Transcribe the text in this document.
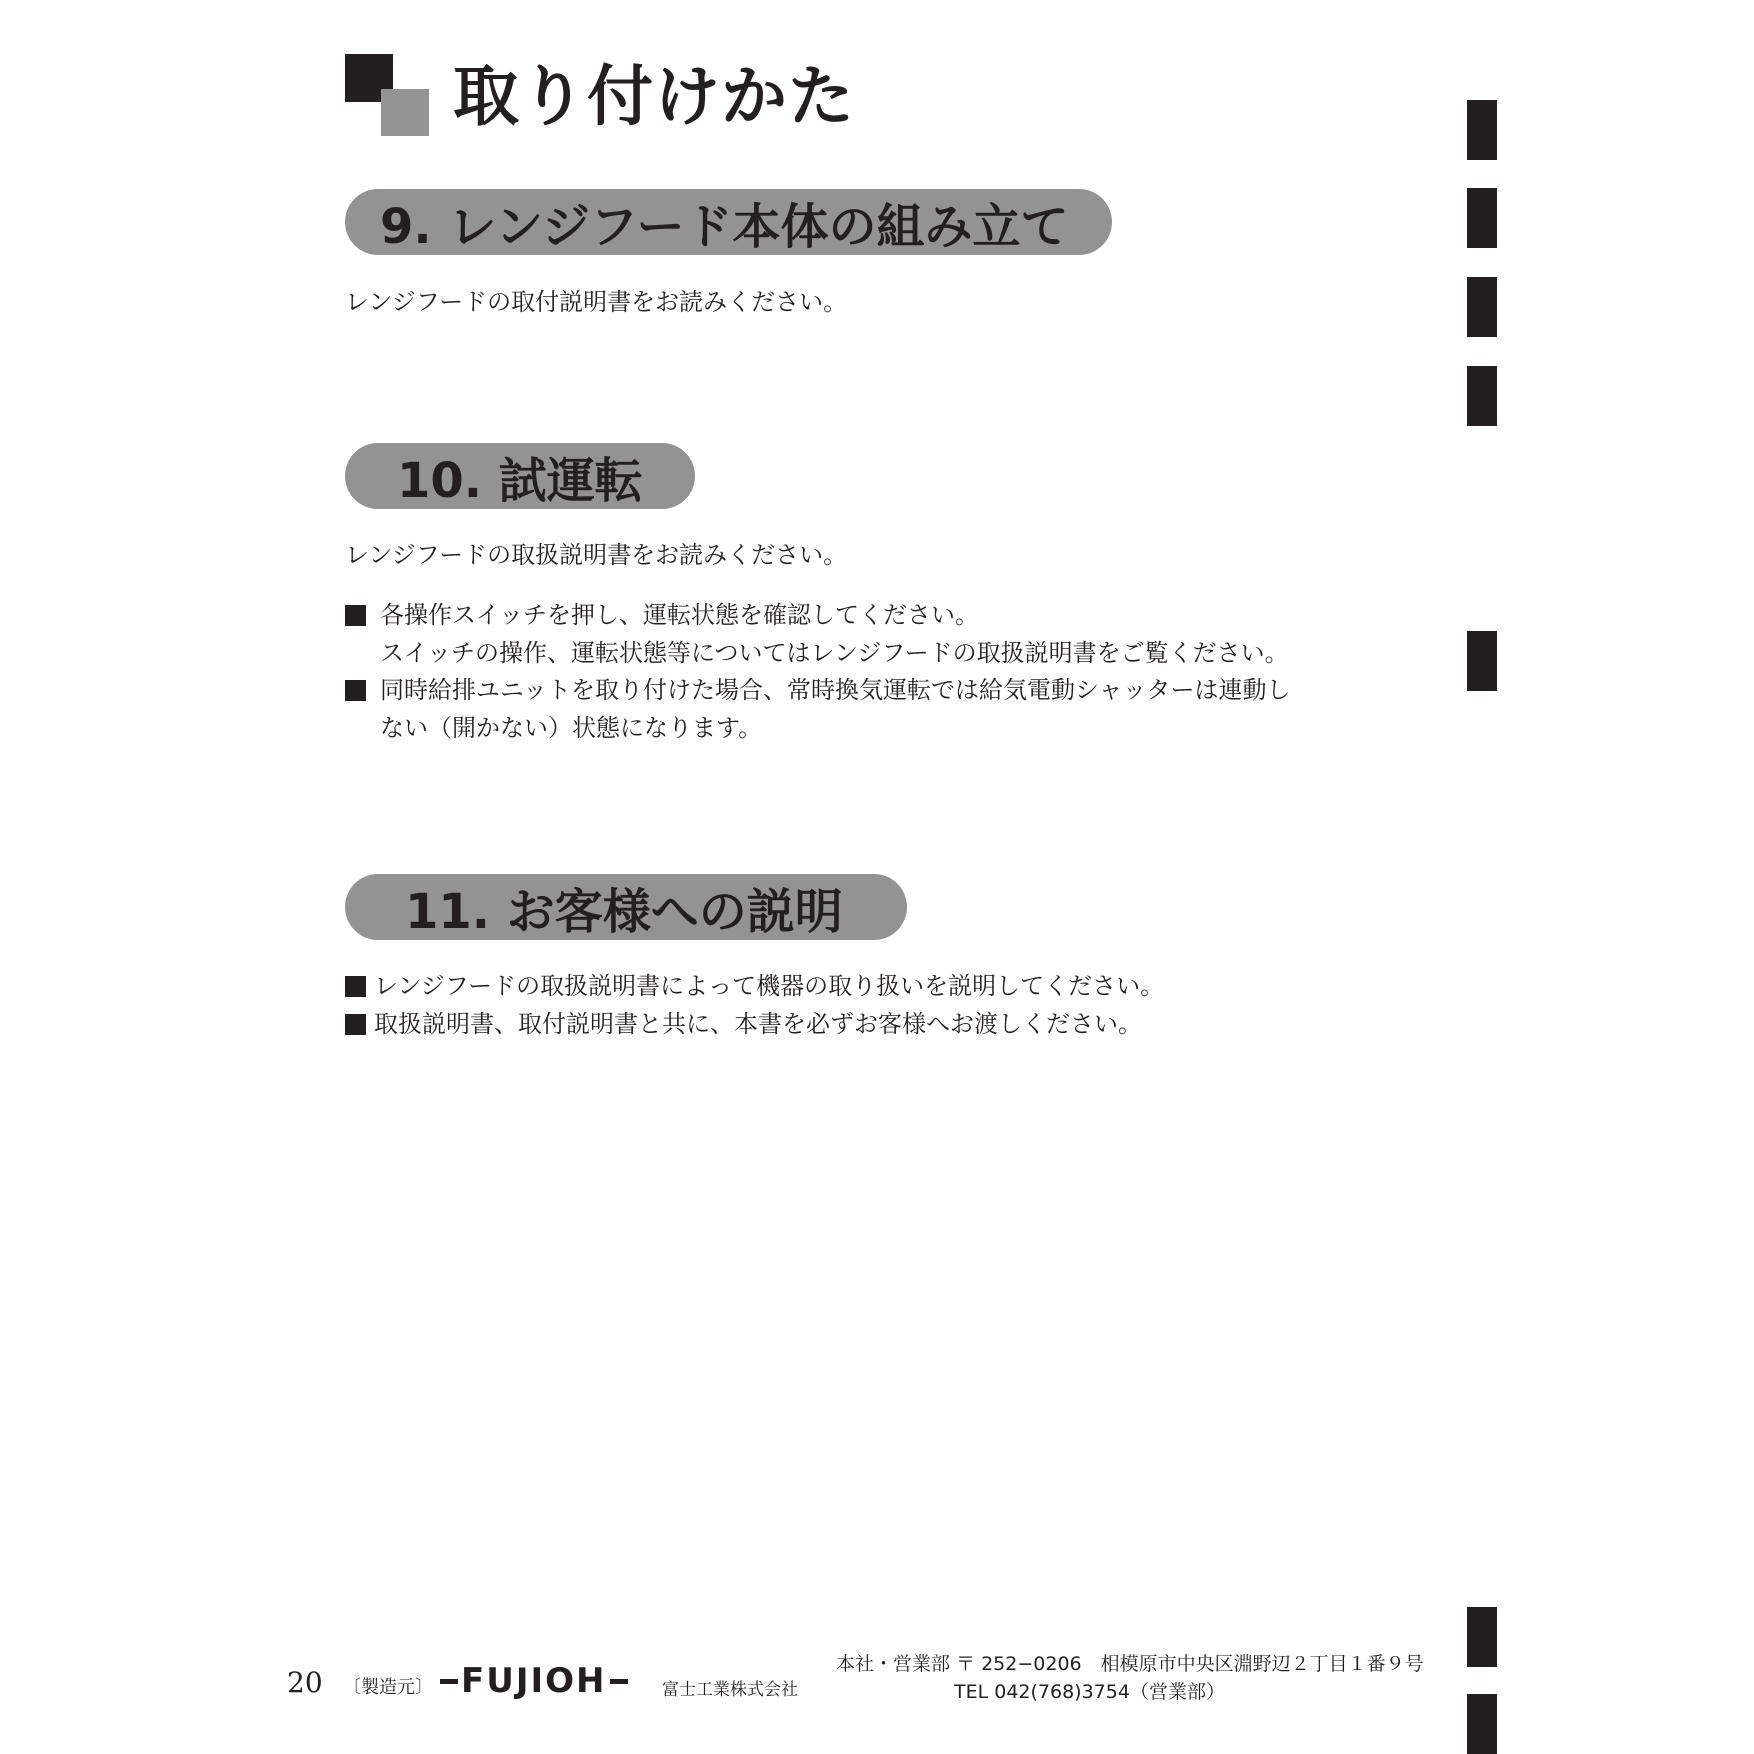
取り付けかた
9. レンジフード本体の組み立て
レンジフードの取付説明書をお読みください。
10. 試運転
レンジフードの取扱説明書をお読みください。
各操作スイッチを押し、運転状態を確認してください。
スイッチの操作、運転状態等についてはレンジフードの取扱説明書をご覧ください。
同時給排ユニットを取り付けた場合、常時換気運転では給気電動シャッターは連動し
ない（開かない）状態になります。
11. お客様への説明
レンジフードの取扱説明書によって機器の取り扱いを説明してください。
取扱説明書、取付説明書と共に、本書を必ずお客様へお渡しください。
20 〔製造元〕 FUJIOH	富士工業株式会社
本社・営業部 〒 252−0206　相模原市中央区淵野辺２丁目１番９号
TEL 042(768)3754（営業部）
